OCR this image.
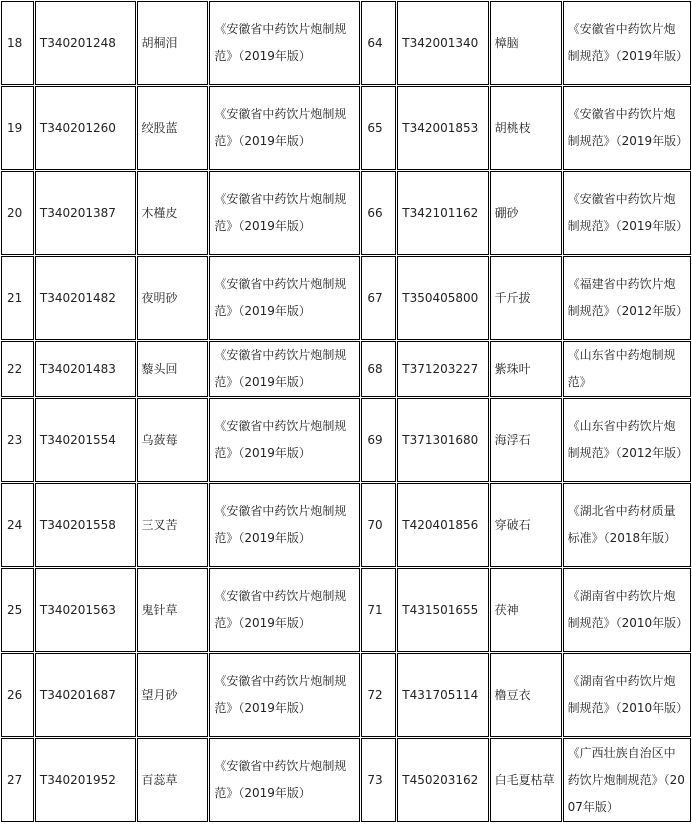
18	T340201248	胡桐泪	《安徽省中药饮片炮制规范》（2019年版）	64	T342001340	樟脑	《安徽省中药饮片炮制规范》（2019年版）
19	T340201260	绞股蓝	《安徽省中药饮片炮制规范》（2019年版）	65	T342001853	胡桃枝	《安徽省中药饮片炮制规范》（2019年版）
20	T340201387	木槿皮	《安徽省中药饮片炮制规范》（2019年版）	66	T342101162	硼砂	《安徽省中药饮片炮制规范》（2019年版）
21	T340201482	夜明砂	《安徽省中药饮片炮制规范》（2019年版）	67	T350405800	千斤拔	《福建省中药饮片炮制规范》（2012年版）
22	T340201483	藜头回	《安徽省中药饮片炮制规范》（2019年版）	68	T371203227	紫珠叶	《山东省中药炮制规范》
23	T340201554	乌蔹莓	《安徽省中药饮片炮制规范》（2019年版）	69	T371301680	海浮石	《山东省中药饮片炮制规范》（2012年版）
24	T340201558	三叉苦	《安徽省中药饮片炮制规范》（2019年版）	70	T420401856	穿破石	《湖北省中药材质量标准》（2018年版）
25	T340201563	鬼针草	《安徽省中药饮片炮制规范》（2019年版）	71	T431501655	茯神	《湖南省中药饮片炮制规范》（2010年版）
26	T340201687	望月砂	《安徽省中药饮片炮制规范》（2019年版）	72	T431705114	橹豆衣	《湖南省中药饮片炮制规范》（2010年版）
27	T340201952	百蕊草	《安徽省中药饮片炮制规范》（2019年版）	73	T450203162	白毛夏枯草	《广西壮族自治区中药饮片炮制规范》（2007年版）
